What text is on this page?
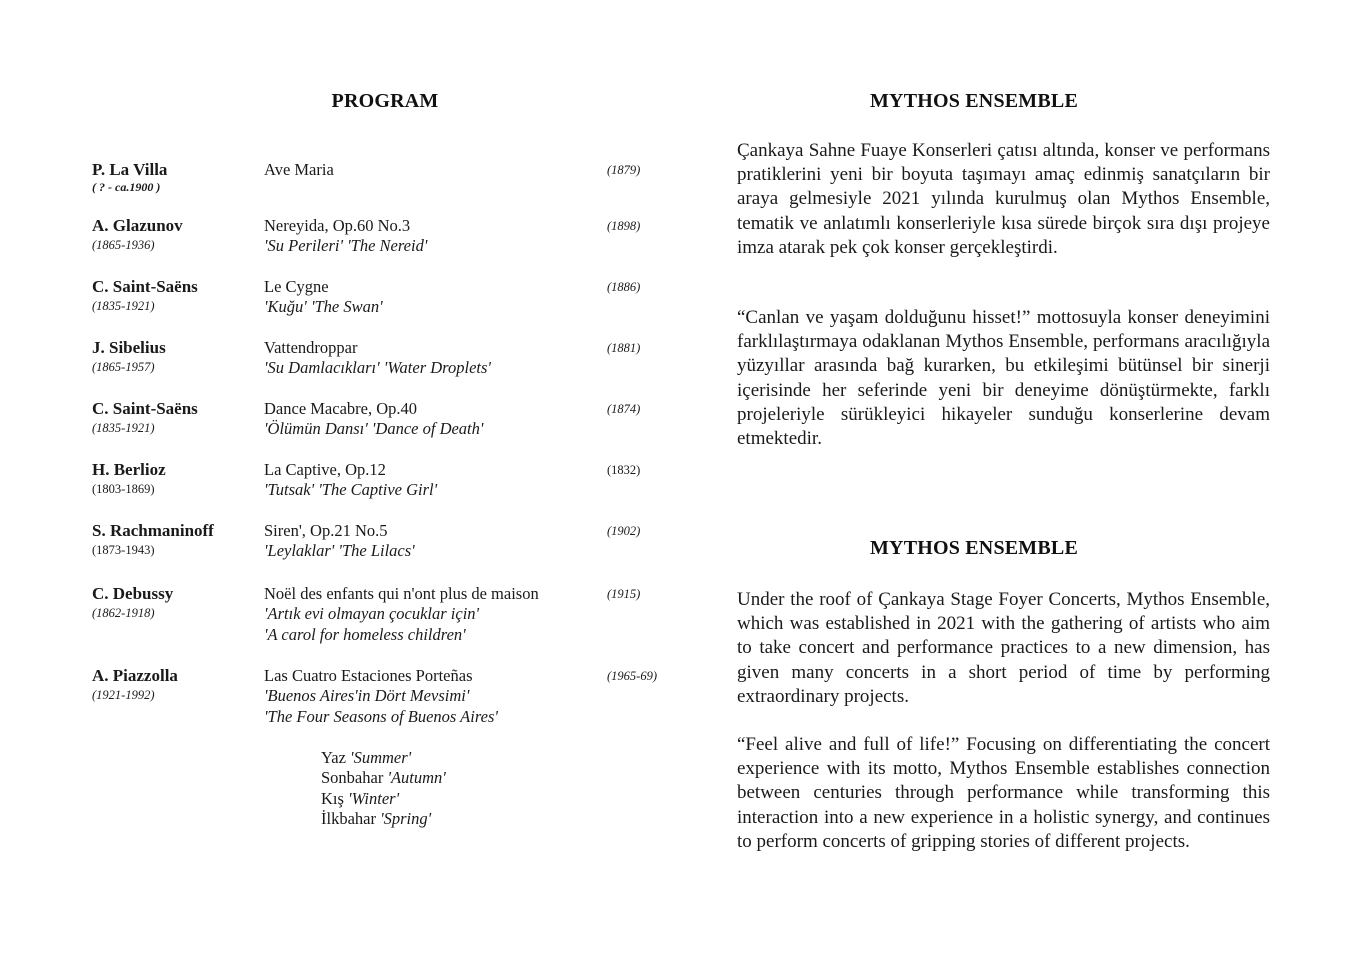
PROGRAM
P. La Villa
( ? - ca.1900 )
Ave Maria	(1879)
A. Glazunov
(1865-1936)
Nereyida, Op.60 No.3
'Su Perileri' 'The Nereid'
(1898)
C. Saint-Saëns
(1835-1921)
Le Cygne
'Kuğu' 'The Swan'
(1886)
J. Sibelius
(1865-1957)
Vattendroppar
'Su Damlacıkları' 'Water Droplets'
(1881)
C. Saint-Saëns
(1835-1921)
Dance Macabre, Op.40
'Ölümün Dansı' 'Dance of Death'
(1874)
H. Berlioz
(1803-1869)
La Captive, Op.12
'Tutsak' 'The Captive Girl'
(1832)
S. Rachmaninoff
(1873-1943)
Siren', Op.21 No.5
'Leylaklar' 'The Lilacs'
(1902)
C. Debussy
(1862-1918)
Noël des enfants qui n'ont plus de maison
'Artık evi olmayan çocuklar için'
'A carol for homeless children'
(1915)
A. Piazzolla
(1921-1992)
Las Cuatro Estaciones Porteñas
'Buenos Aires'in Dört Mevsimi'
'The Four Seasons of Buenos Aires'
(1965-69)
Yaz 'Summer'
Sonbahar 'Autumn'
Kış 'Winter'
İlkbahar 'Spring'
MYTHOS ENSEMBLE

Çankaya Sahne Fuaye Konserleri çatısı altında, konser ve performans pratiklerini yeni bir boyuta taşımayı amaç edinmiş sanatçıların bir araya gelmesiyle 2021 yılında kurulmuş olan Mythos Ensemble, tematik ve anlatımlı konserleriyle kısa sürede birçok sıra dışı projeye imza atarak pek çok konser gerçekleştirdi.

“Canlan ve yaşam dolduğunu hisset!” mottosuyla konser deneyimini farklılaştırmaya odaklanan Mythos Ensemble, performans aracılığıyla yüzyıllar arasında bağ kurarken, bu etkileşimi bütünsel bir sinerji içerisinde her seferinde yeni bir deneyime dönüştürmekte, farklı projeleriyle sürükleyici hikayeler sunduğu konserlerine devam etmektedir.

MYTHOS ENSEMBLE

Under the roof of Çankaya Stage Foyer Concerts, Mythos Ensemble, which was established in 2021 with the gathering of artists who aim to take concert and performance practices to a new dimension, has given many concerts in a short period of time by performing extraordinary projects.

“Feel alive and full of life!” Focusing on differentiating the concert experience with its motto, Mythos Ensemble establishes connection between centuries through performance while transforming this interaction into a new experience in a holistic synergy, and continues to perform concerts of gripping stories of different projects.
